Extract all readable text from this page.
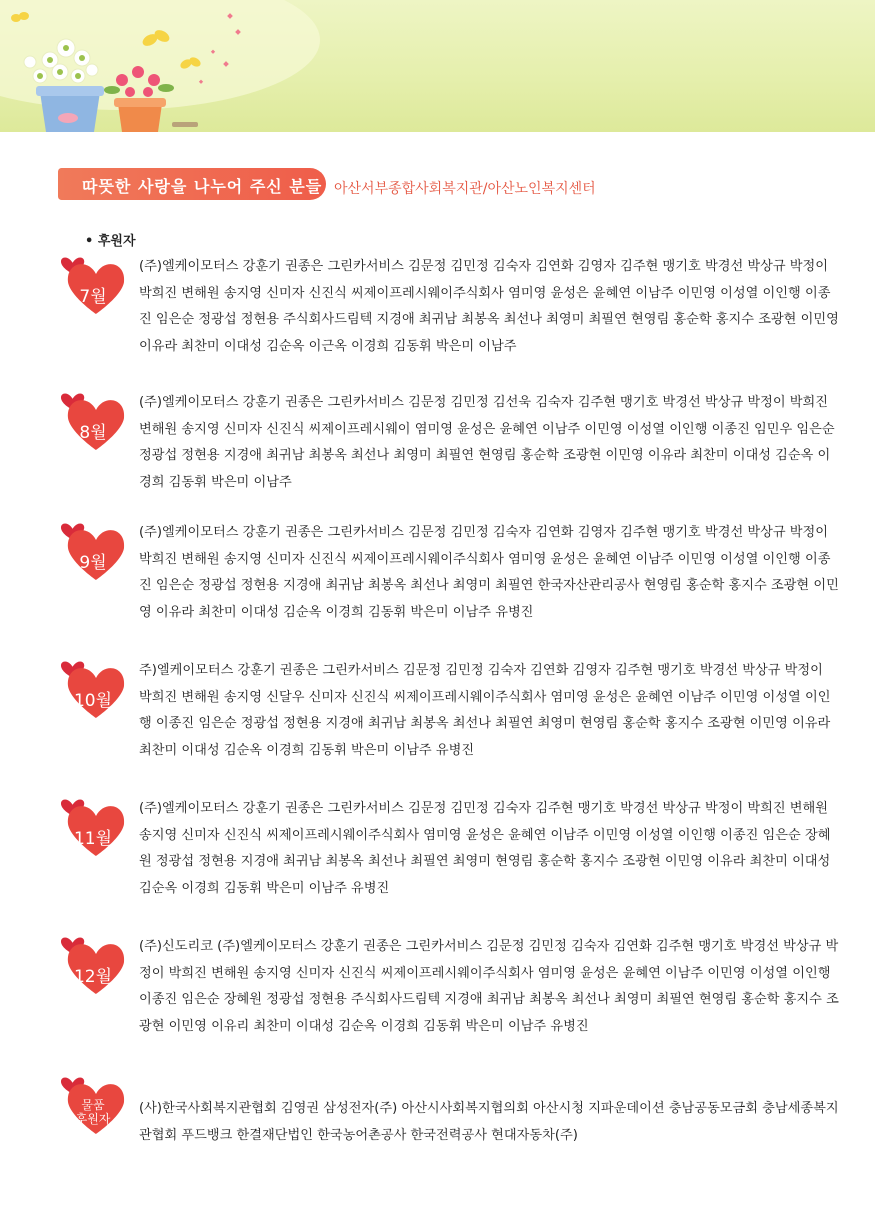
따뜻한 사랑을 나누어 주신 분들 아산서부종합사회복지관/아산노인복지센터
• 후원자
7월
(주)엘케이모터스 강훈기 권종은 그린카서비스 김문정 김민정 김숙자 김연화 김영자 김주현 맹기호 박경선 박상규 박정이 박희진 변해원 송지영 신미자 신진식 씨제이프레시웨이주식회사 염미영 윤성은 윤혜연 이남주 이민영 이성열 이인행 이종진 임은순 정광섭 정현용 주식회사드림텍 지경애 최귀남 최봉옥 최선나 최영미 최필연 현영림 홍순학 홍지수 조광현 이민영 이유라 최찬미 이대성 김순옥 이근옥 이경희 김동휘 박은미 이남주
8월
(주)엘케이모터스 강훈기 권종은 그린카서비스 김문정 김민정 김선욱 김숙자 김주현 맹기호 박경선 박상규 박정이 박희진 변해원 송지영 신미자 신진식 씨제이프레시웨이 염미영 윤성은 윤혜연 이남주 이민영 이성열 이인행 이종진 임민우 임은순 정광섭 정현용 지경애 최귀남 최봉옥 최선나 최영미 최필연 현영림 홍순학 조광현 이민영 이유라 최찬미 이대성 김순옥 이경희 김동휘 박은미 이남주
9월
(주)엘케이모터스 강훈기 권종은 그린카서비스 김문정 김민정 김숙자 김연화 김영자 김주현 맹기호 박경선 박상규 박정이 박희진 변해원 송지영 신미자 신진식 씨제이프레시웨이주식회사 염미영 윤성은 윤혜연 이남주 이민영 이성열 이인행 이종진 임은순 정광섭 정현용 지경애 최귀남 최봉옥 최선나 최영미 최필연 한국자산관리공사 현영림 홍순학 홍지수 조광현 이민영 이유라 최찬미 이대성 김순옥 이경희 김동휘 박은미 이남주 유병진
10월
주)엘케이모터스 강훈기 권종은 그린카서비스 김문정 김민정 김숙자 김연화 김영자 김주현 맹기호 박경선 박상규 박정이 박희진 변해원 송지영 신달우 신미자 신진식 씨제이프레시웨이주식회사 염미영 윤성은 윤혜연 이남주 이민영 이성열 이인행 이종진 임은순 정광섭 정현용 지경애 최귀남 최봉옥 최선나 최필연 최영미 현영림 홍순학 홍지수 조광현 이민영 이유라 최찬미 이대성 김순옥 이경희 김동휘 박은미 이남주 유병진
11월
(주)엘케이모터스 강훈기 권종은 그린카서비스 김문정 김민정 김숙자 김주현 맹기호 박경선 박상규 박정이 박희진 변해원 송지영 신미자 신진식 씨제이프레시웨이주식회사 염미영 윤성은 윤혜연 이남주 이민영 이성열 이인행 이종진 임은순 장혜원 정광섭 정현용 지경애 최귀남 최봉옥 최선나 최필연 최영미 현영림 홍순학 홍지수 조광현 이민영 이유라 최찬미 이대성 김순옥 이경희 김동휘 박은미 이남주 유병진
12월
(주)신도리코 (주)엘케이모터스 강훈기 권종은 그린카서비스 김문정 김민정 김숙자 김연화 김주현 맹기호 박경선 박상규 박정이 박희진 변해원 송지영 신미자 신진식 씨제이프레시웨이주식회사 염미영 윤성은 윤혜연 이남주 이민영 이성열 이인행 이종진 임은순 장혜원 정광섭 정현용 주식회사드림텍 지경애 최귀남 최봉옥 최선나 최영미 최필연 현영림 홍순학 홍지수 조광현 이민영 이유리 최찬미 이대성 김순옥 이경희 김동휘 박은미 이남주 유병진
물품
후원자
(사)한국사회복지관협회 김영권 삼성전자(주) 아산시사회복지협의회 아산시청 지파운데이션 충남공동모금회 충남세종복지관협회 푸드뱅크 한결재단법인 한국농어촌공사 한국전력공사 현대자동차(주)
